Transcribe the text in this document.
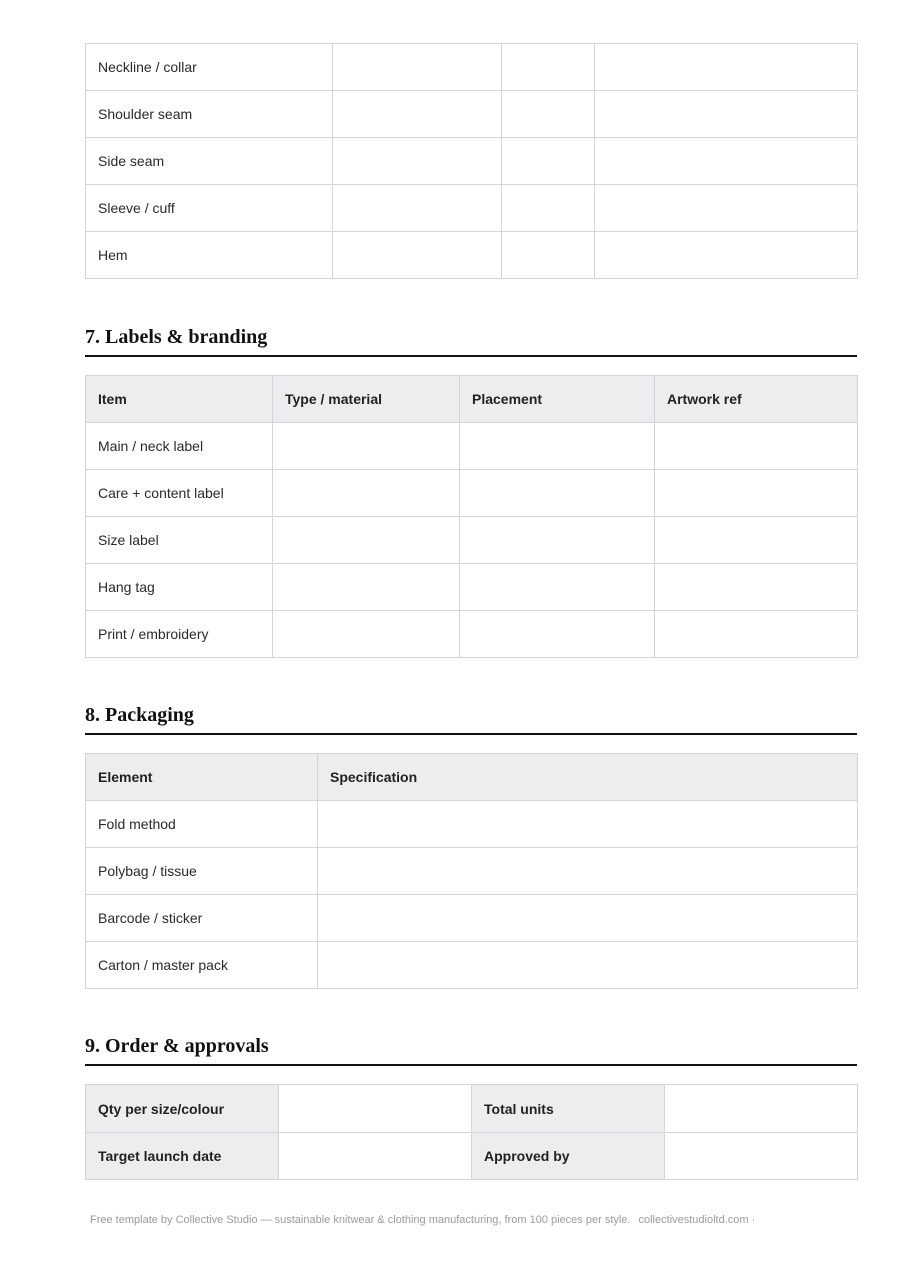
Neckline / collar			
Shoulder seam			
Side seam			
Sleeve / cuff			
Hem			
7. Labels & branding
Item	Type / material	Placement	Artwork ref
Main / neck label			
Care + content label			
Size label			
Hang tag			
Print / embroidery			
8. Packaging
Element	Specification
Fold method	
Polybag / tissue	
Barcode / sticker	
Carton / master pack	
9. Order & approvals
Qty per size/colour		Total units	
Target launch date		Approved by	
Free template by Collective Studio — sustainable knitwear & clothing manufacturing, from 100 pieces per style. collectivestudioltd.com ·
